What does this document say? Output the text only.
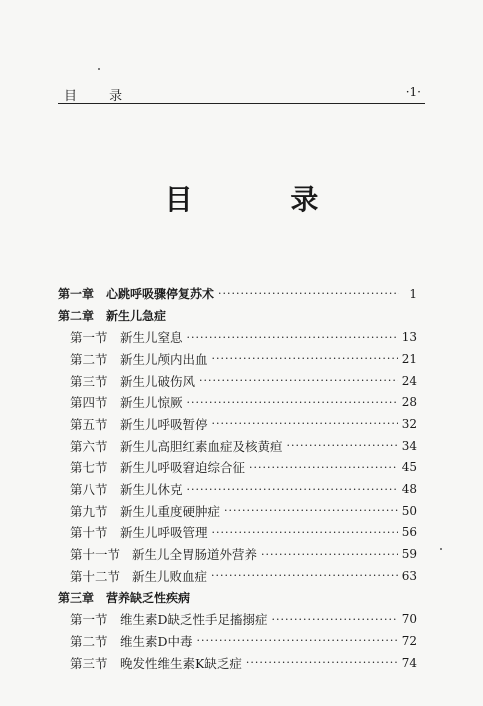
目 录	·1·
目 录
第一章 心跳呼吸骤停复苏术 ·····	1
第二章 新生儿急症
第一节 新生儿窒息 ·····	13
第二节 新生儿颅内出血 ·····	21
第三节 新生儿破伤风 ·····	24
第四节 新生儿惊厥 ·····	28
第五节 新生儿呼吸暂停 ·····	32
第六节 新生儿高胆红素血症及核黄疸 ·····	34
第七节 新生儿呼吸窘迫综合征 ·····	45
第八节 新生儿休克 ·····	48
第九节 新生儿重度硬肿症 ·····	50
第十节 新生儿呼吸管理 ·····	56
第十一节 新生儿全胃肠道外营养 ·····	59
第十二节 新生儿败血症 ·····	63
第三章 营养缺乏性疾病
第一节 维生素D缺乏性手足搐搦症 ·····	70
第二节 维生素D中毒 ·····	72
第三节 晚发性维生素K缺乏症 ·····	74
